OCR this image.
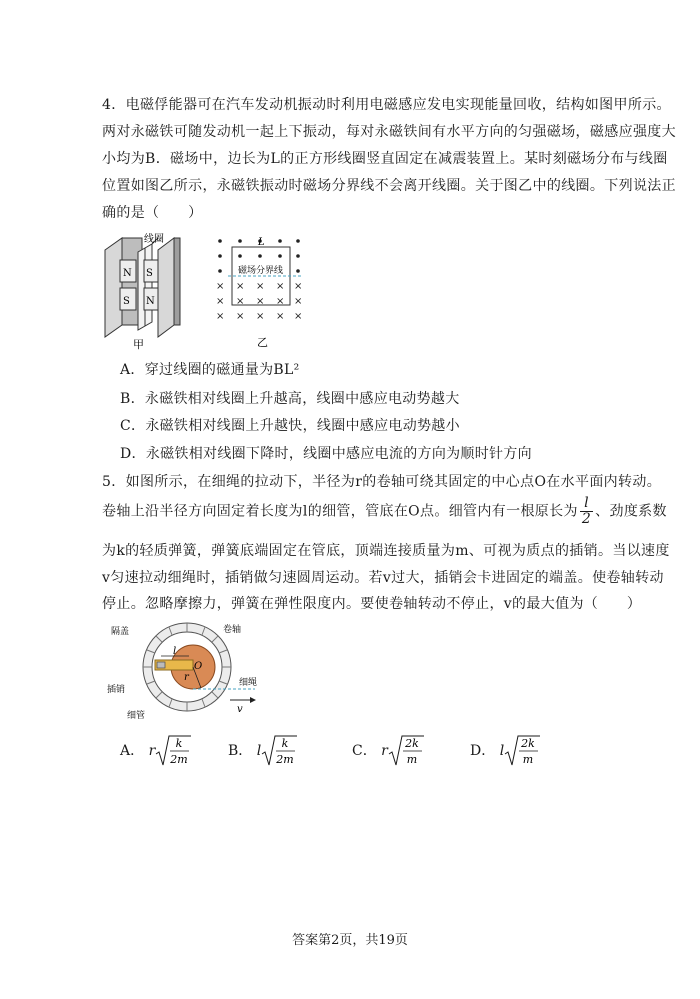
4．电磁俘能器可在汽车发动机振动时利用电磁感应发电实现能量回收，结构如图甲所示。
两对永磁铁可随发动机一起上下振动，每对永磁铁间有水平方向的匀强磁场，磁感应强度大
小均为B．磁场中，边长为L的正方形线圈竖直固定在减震装置上。某时刻磁场分布与线圈
位置如图乙所示，永磁铁振动时磁场分界线不会离开线圈。关于图乙中的线圈。下列说法正
确的是（　　）
N S
S N
线圈
甲
× × × × ×
× × × × ×
× × × × ×
L
磁场分界线
乙
A．穿过线圈的磁通量为BL²
B．永磁铁相对线圈上升越高，线圈中感应电动势越大
C．永磁铁相对线圈上升越快，线圈中感应电动势越小
D．永磁铁相对线圈下降时，线圈中感应电流的方向为顺时针方向
5．如图所示，在细绳的拉动下，半径为r的卷轴可绕其固定的中心点O在水平面内转动。
卷轴上沿半径方向固定着长度为l的细管，管底在O点。细管内有一根原长为 $\frac{l}{2}$ 、劲度系数
为k的轻质弹簧，弹簧底端固定在管底，顶端连接质量为m、可视为质点的插销。当以速度
v匀速拉动细绳时，插销做匀速圆周运动。若v过大，插销会卡进固定的端盖。使卷轴转动
停止。忽略摩擦力，弹簧在弹性限度内。要使卷轴转动不停止，v的最大值为（　　）
隔盖	卷轴
O
r
l
插销
细绳
v
细管
A． r k
2m
B． l k
2m
C． r 2k
m
D． l 2k
m
答案第2页，共19页
